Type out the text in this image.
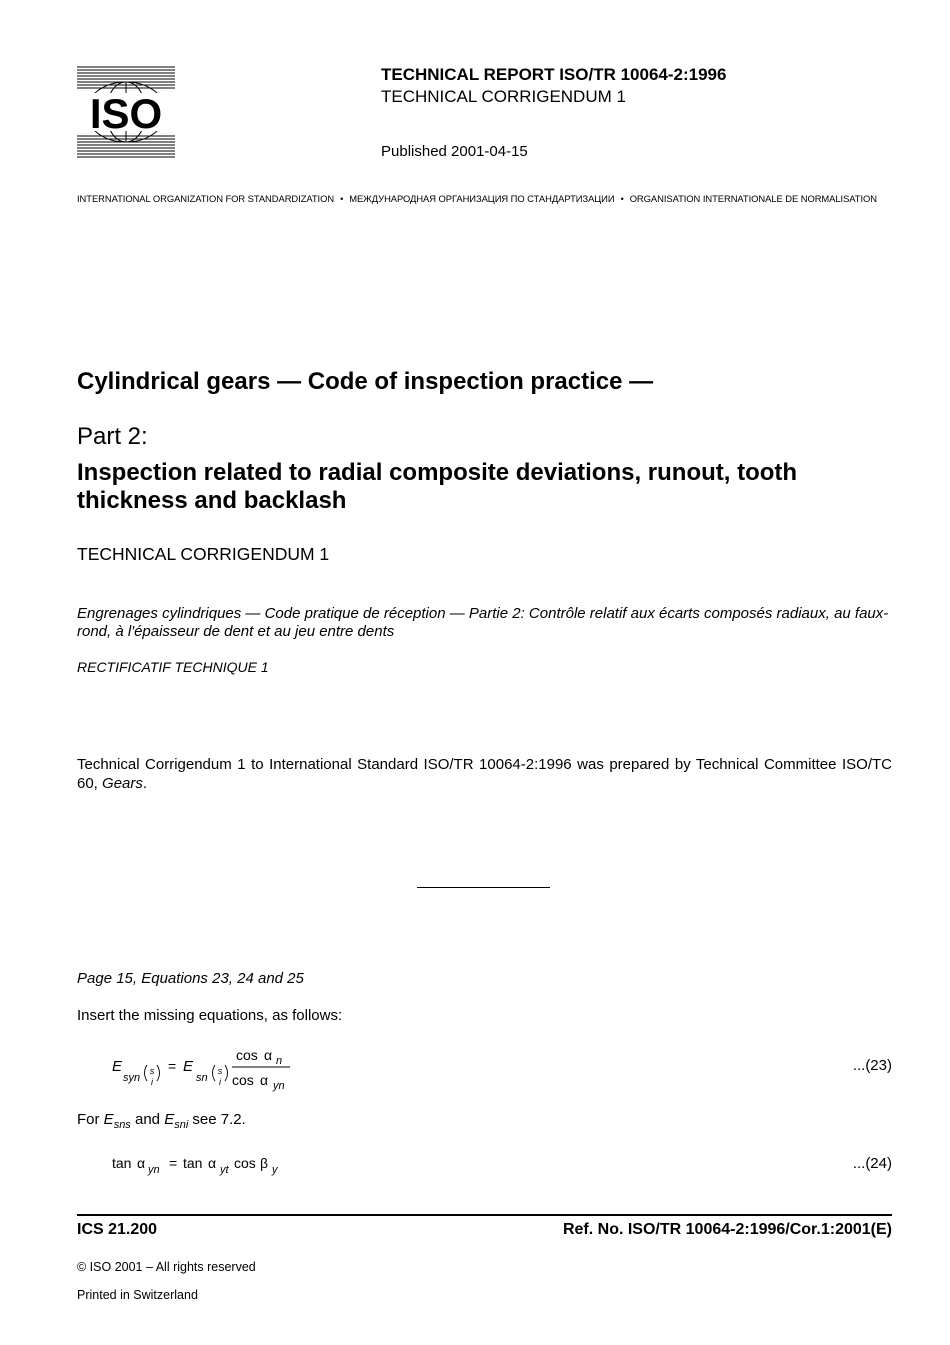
ISO
TECHNICAL REPORT ISO/TR 10064-2:1996
TECHNICAL CORRIGENDUM 1
Published 2001-04-15
INTERNATIONAL ORGANIZATION FOR STANDARDIZATION • МЕЖДУНАРОДНАЯ ОРГАНИЗАЦИЯ ПО СТАНДАРТИЗАЦИИ • ORGANISATION INTERNATIONALE DE NORMALISATION
Cylindrical gears — Code of inspection practice —
Part 2:
Inspection related to radial composite deviations, runout, tooth thickness and backlash
TECHNICAL CORRIGENDUM 1
Engrenages cylindriques — Code pratique de réception — Partie 2: Contrôle relatif aux écarts composés radiaux, au faux-rond, à l'épaisseur de dent et au jeu entre dents
RECTIFICATIF TECHNIQUE 1
Technical Corrigendum 1 to International Standard ISO/TR 10064-2:1996 was prepared by Technical Committee ISO/TC 60, Gears.
Page 15, Equations 23, 24 and 25
Insert the missing equations, as follows:
E
syn
s
i
= E
sn
s
i
cos α n
cos α yn
...(23)
For $E_{sns}$ and $E_{sni}$ see 7.2.
tan α yn = tan α yt cos β y	...(24)
ICS 21.200	Ref. No. ISO/TR 10064-2:1996/Cor.1:2001(E)
© ISO 2001 – All rights reserved
Printed in Switzerland
